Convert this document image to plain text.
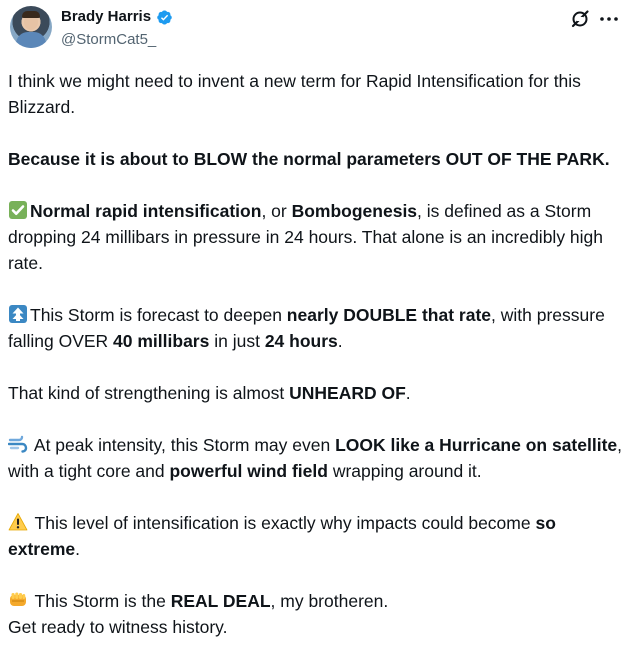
Brady Harris
@StormCat5_

I think we might need to invent a new term for Rapid Intensification for this Blizzard.

Because it is about to BLOW the normal parameters OUT OF THE PARK.

Normal rapid intensification, or Bombogenesis, is defined as a Storm dropping 24 millibars in pressure in 24 hours. That alone is an incredibly high rate.

This Storm is forecast to deepen nearly DOUBLE that rate, with pressure falling OVER 40 millibars in just 24 hours.

That kind of strengthening is almost UNHEARD OF.

At peak intensity, this Storm may even LOOK like a Hurricane on satellite, with a tight core and powerful wind field wrapping around it.

This level of intensification is exactly why impacts could become so extreme.

This Storm is the REAL DEAL, my brotheren.
Get ready to witness history.
